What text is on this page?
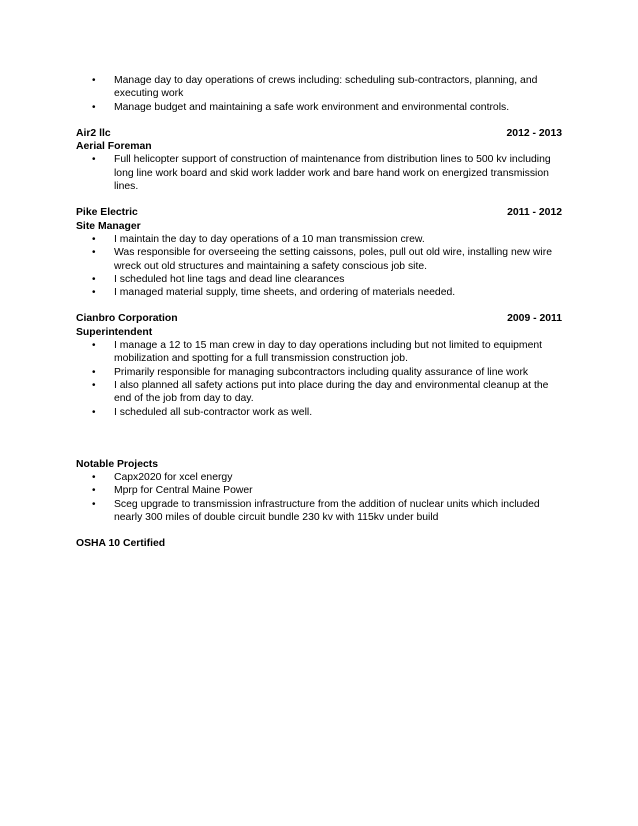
• Manage day to day operations of crews including: scheduling sub-contractors, planning, and executing work
• Manage budget and maintaining a safe work environment and environmental controls.
Air2 llc	2012 - 2013
Aerial Foreman
• Full helicopter support of construction of maintenance from distribution lines to 500 kv including long line work board and skid work ladder work and bare hand work on energized transmission lines.
Pike Electric	2011 - 2012
Site Manager
• I maintain the day to day operations of a 10 man transmission crew.
• Was responsible for overseeing the setting caissons, poles, pull out old wire, installing new wire wreck out old structures and maintaining a safety conscious job site.
• I scheduled hot line tags and dead line clearances
• I managed material supply, time sheets, and ordering of materials needed.
Cianbro Corporation	2009 - 2011
Superintendent
• I manage a 12 to 15 man crew in day to day operations including but not limited to equipment mobilization and spotting for a full transmission construction job.
• Primarily responsible for managing subcontractors including quality assurance of line work
• I also planned all safety actions put into place during the day and environmental cleanup at the end of the job from day to day.
• I scheduled all sub-contractor work as well.
Notable Projects
• Capx2020 for xcel energy
• Mprp for Central Maine Power
• Sceg upgrade to transmission infrastructure from the addition of nuclear units which included nearly 300 miles of double circuit bundle 230 kv with 115kv under build
OSHA 10 Certified
